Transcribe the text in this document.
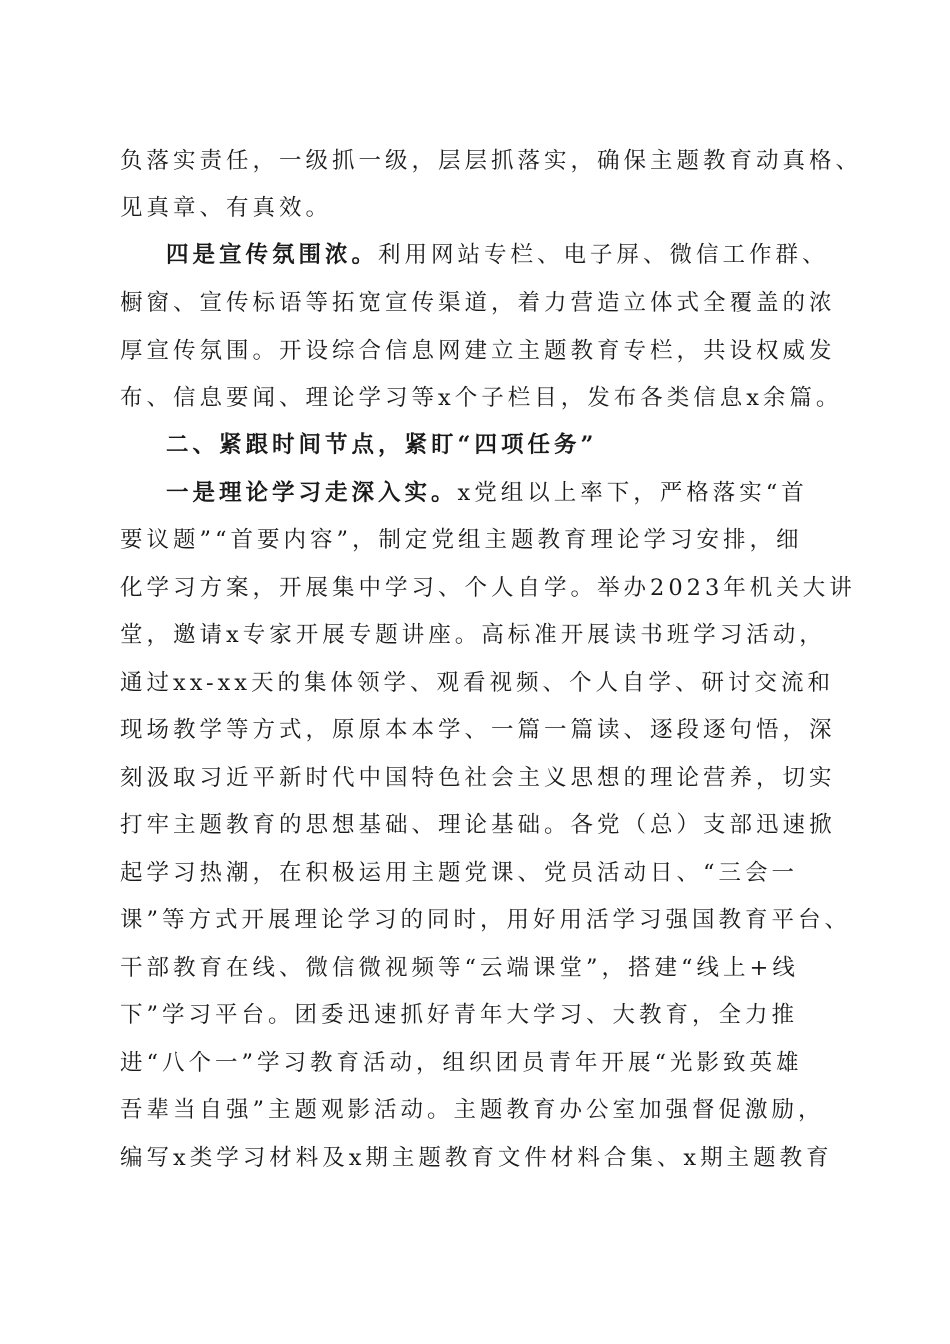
负落实责任，一级抓一级，层层抓落实，确保主题教育动真格、
见真章、有真效。
四是宣传氛围浓。利用网站专栏、电子屏、微信工作群、
橱窗、宣传标语等拓宽宣传渠道，着力营造立体式全覆盖的浓
厚宣传氛围。开设综合信息网建立主题教育专栏，共设权威发
布、信息要闻、理论学习等x个子栏目，发布各类信息x余篇。
二、紧跟时间节点，紧盯“四项任务”
一是理论学习走深入实。x党组以上率下，严格落实“首
要议题”“首要内容”，制定党组主题教育理论学习安排，细
化学习方案，开展集中学习、个人自学。举办2023年机关大讲
堂，邀请x专家开展专题讲座。高标准开展读书班学习活动，
通过xx-xx天的集体领学、观看视频、个人自学、研讨交流和
现场教学等方式，原原本本学、一篇一篇读、逐段逐句悟，深
刻汲取习近平新时代中国特色社会主义思想的理论营养，切实
打牢主题教育的思想基础、理论基础。各党（总）支部迅速掀
起学习热潮，在积极运用主题党课、党员活动日、“三会一
课”等方式开展理论学习的同时，用好用活学习强国教育平台、
干部教育在线、微信微视频等“云端课堂”，搭建“线上+线
下”学习平台。团委迅速抓好青年大学习、大教育，全力推
进“八个一”学习教育活动，组织团员青年开展“光影致英雄
吾辈当自强”主题观影活动。主题教育办公室加强督促激励，
编写x类学习材料及x期主题教育文件材料合集、x期主题教育
